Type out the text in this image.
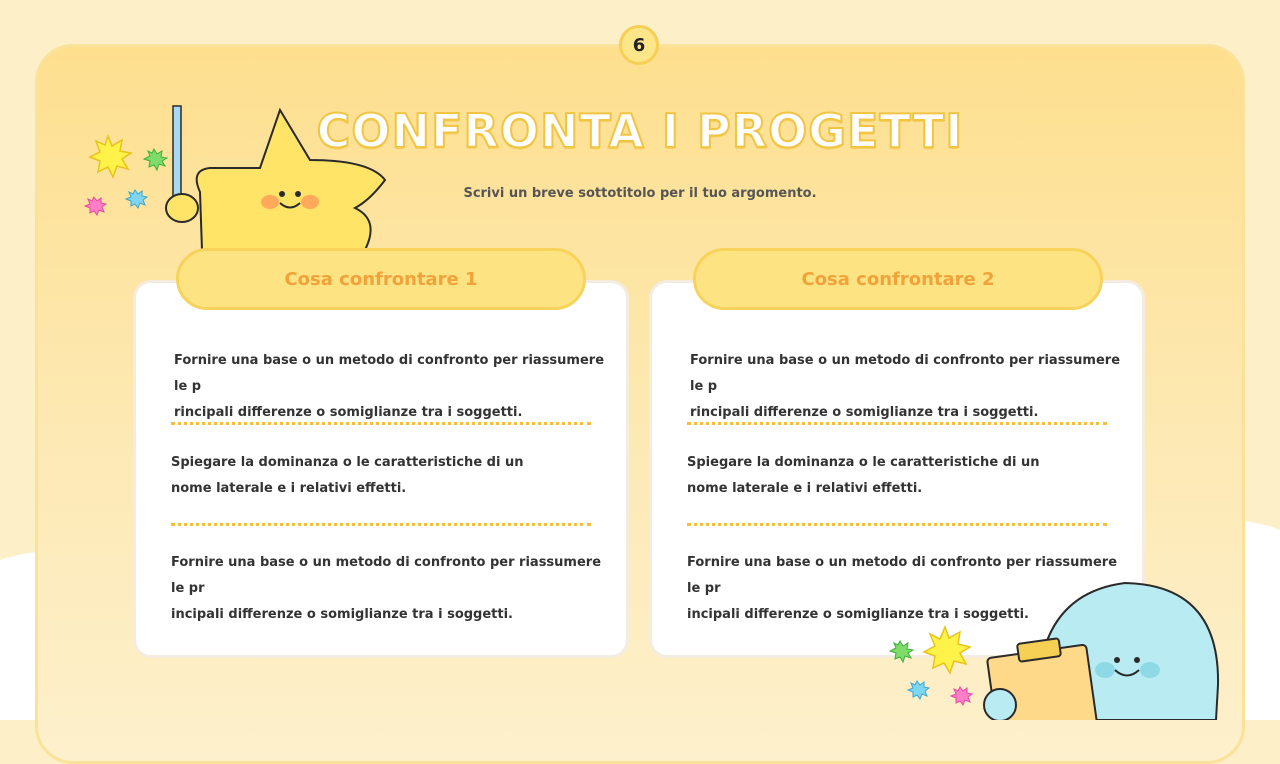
6
CONFRONTA I PROGETTI
Scrivi un breve sottotitolo per il tuo argomento.
Cosa confrontare 1
Fornire una base o un metodo di confronto per riassumere le p
rincipali differenze o somiglianze tra i soggetti.
Spiegare la dominanza o le caratteristiche di un
nome laterale e i relativi effetti.
Fornire una base o un metodo di confronto per riassumere le pr
incipali differenze o somiglianze tra i soggetti.
Cosa confrontare 2
Fornire una base o un metodo di confronto per riassumere le p
rincipali differenze o somiglianze tra i soggetti.
Spiegare la dominanza o le caratteristiche di un
nome laterale e i relativi effetti.
Fornire una base o un metodo di confronto per riassumere le pr
incipali differenze o somiglianze tra i soggetti.
